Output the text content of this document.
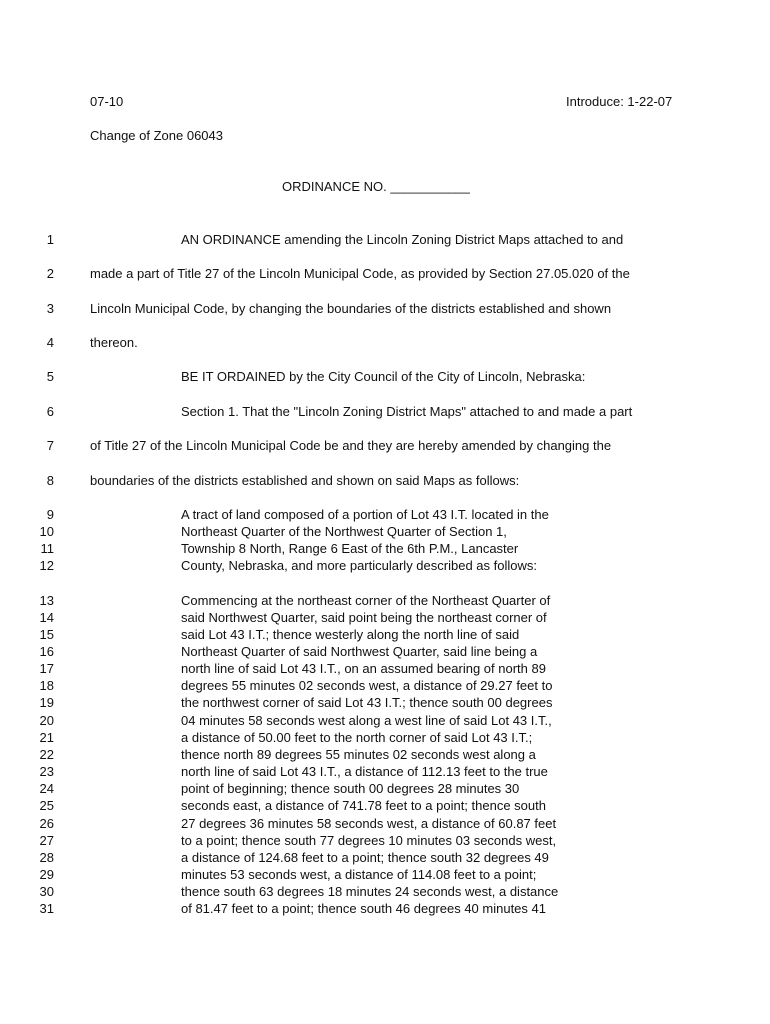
07-10	Introduce: 1-22-07
Change of Zone 06043
ORDINANCE NO. ___________
1	AN ORDINANCE amending the Lincoln Zoning District Maps attached to and
2	made a part of Title 27 of the Lincoln Municipal Code, as provided by Section 27.05.020 of the
3	Lincoln Municipal Code, by changing the boundaries of the districts established and shown
4	thereon.
5	BE IT ORDAINED by the City Council of the City of Lincoln, Nebraska:
6	Section 1. That the "Lincoln Zoning District Maps" attached to and made a part
7	of Title 27 of the Lincoln Municipal Code be and they are hereby amended by changing the
8	boundaries of the districts established and shown on said Maps as follows:
9	A tract of land composed of a portion of Lot 43 I.T. located in the
10	Northeast Quarter of the Northwest Quarter of Section 1,
11	Township 8 North, Range 6 East of the 6th P.M., Lancaster
12	County, Nebraska, and more particularly described as follows:
13	Commencing at the northeast corner of the Northeast Quarter of
14	said Northwest Quarter, said point being the northeast corner of
15	said Lot 43 I.T.; thence westerly along the north line of said
16	Northeast Quarter of said Northwest Quarter, said line being a
17	north line of said Lot 43 I.T., on an assumed bearing of north 89
18	degrees 55 minutes 02 seconds west, a distance of 29.27 feet to
19	the northwest corner of said Lot 43 I.T.; thence south 00 degrees
20	04 minutes 58 seconds west along a west line of said Lot 43 I.T.,
21	a distance of 50.00 feet to the north corner of said Lot 43 I.T.;
22	thence north 89 degrees 55 minutes 02 seconds west along a
23	north line of said Lot 43 I.T., a distance of 112.13 feet to the true
24	point of beginning; thence south 00 degrees 28 minutes 30
25	seconds east, a distance of 741.78 feet to a point; thence south
26	27 degrees 36 minutes 58 seconds west, a distance of 60.87 feet
27	to a point; thence south 77 degrees 10 minutes 03 seconds west,
28	a distance of 124.68 feet to a point; thence south 32 degrees 49
29	minutes 53 seconds west, a distance of 114.08 feet to a point;
30	thence south 63 degrees 18 minutes 24 seconds west, a distance
31	of 81.47 feet to a point; thence south 46 degrees 40 minutes 41
